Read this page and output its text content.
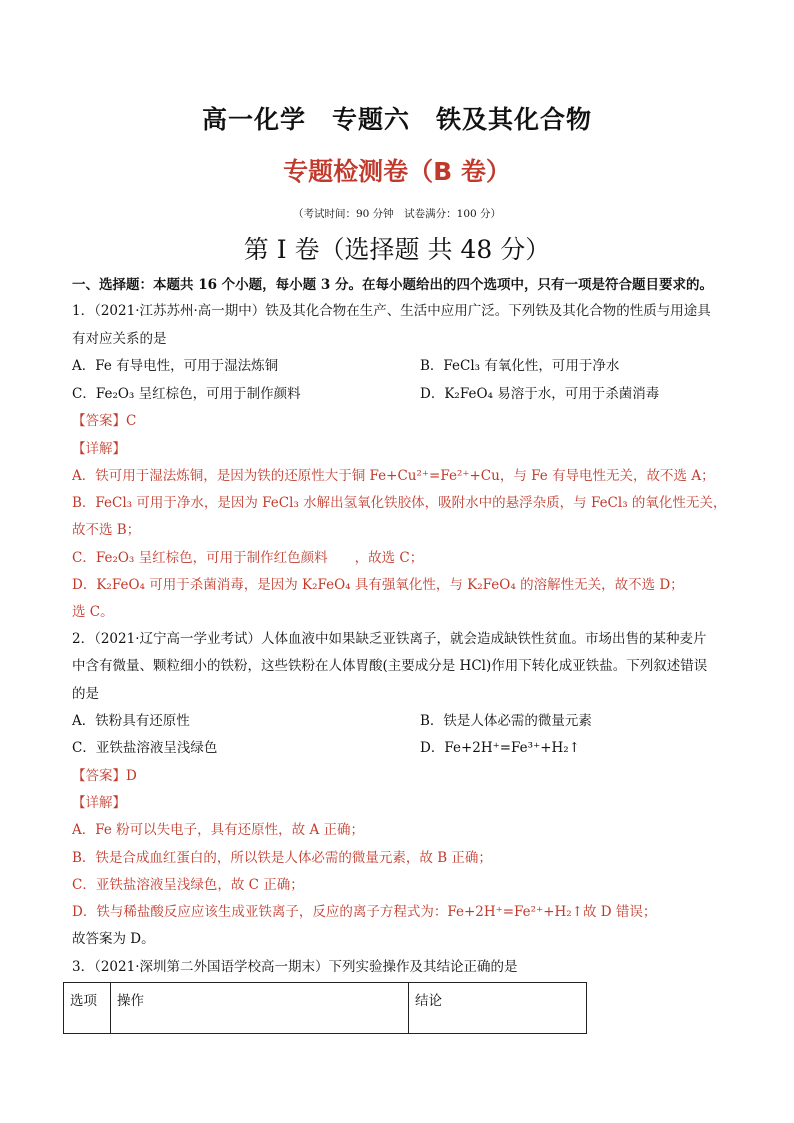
高一化学　专题六　铁及其化合物
专题检测卷（B 卷）
（考试时间：90 分钟　试卷满分：100 分）
第 I 卷（选择题 共 48 分）
一、选择题：本题共 16 个小题，每小题 3 分。在每小题给出的四个选项中，只有一项是符合题目要求的。
1．（2021·江苏苏州·高一期中）铁及其化合物在生产、生活中应用广泛。下列铁及其化合物的性质与用途具
有对应关系的是
A．Fe 有导电性，可用于湿法炼铜	B．FeCl₃ 有氧化性，可用于净水
C．Fe₂O₃ 呈红棕色，可用于制作颜料	D．K₂FeO₄ 易溶于水，可用于杀菌消毒
【答案】C
【详解】
A．铁可用于湿法炼铜，是因为铁的还原性大于铜 Fe+Cu²⁺=Fe²⁺+Cu，与 Fe 有导电性无关，故不选 A；
B．FeCl₃ 可用于净水，是因为 FeCl₃ 水解出氢氧化铁胶体，吸附水中的悬浮杂质，与 FeCl₃ 的氧化性无关，
故不选 B；
C．Fe₂O₃ 呈红棕色，可用于制作红色颜料　　，故选 C；
D．K₂FeO₄ 可用于杀菌消毒，是因为 K₂FeO₄ 具有强氧化性，与 K₂FeO₄ 的溶解性无关，故不选 D；
选 C。
2．（2021·辽宁高一学业考试）人体血液中如果缺乏亚铁离子，就会造成缺铁性贫血。市场出售的某种麦片
中含有微量、颗粒细小的铁粉，这些铁粉在人体胃酸(主要成分是 HCl)作用下转化成亚铁盐。下列叙述错误
的是
A．铁粉具有还原性	B．铁是人体必需的微量元素
C．亚铁盐溶液呈浅绿色	D．Fe+2H⁺=Fe³⁺+H₂↑
【答案】D
【详解】
A．Fe 粉可以失电子，具有还原性，故 A 正确；
B．铁是合成血红蛋白的，所以铁是人体必需的微量元素，故 B 正确；
C．亚铁盐溶液呈浅绿色，故 C 正确；
D．铁与稀盐酸反应应该生成亚铁离子，反应的离子方程式为：Fe+2H⁺=Fe²⁺+H₂↑故 D 错误；
故答案为 D。
3．（2021·深圳第二外国语学校高一期末）下列实验操作及其结论正确的是
选项	操作	结论
